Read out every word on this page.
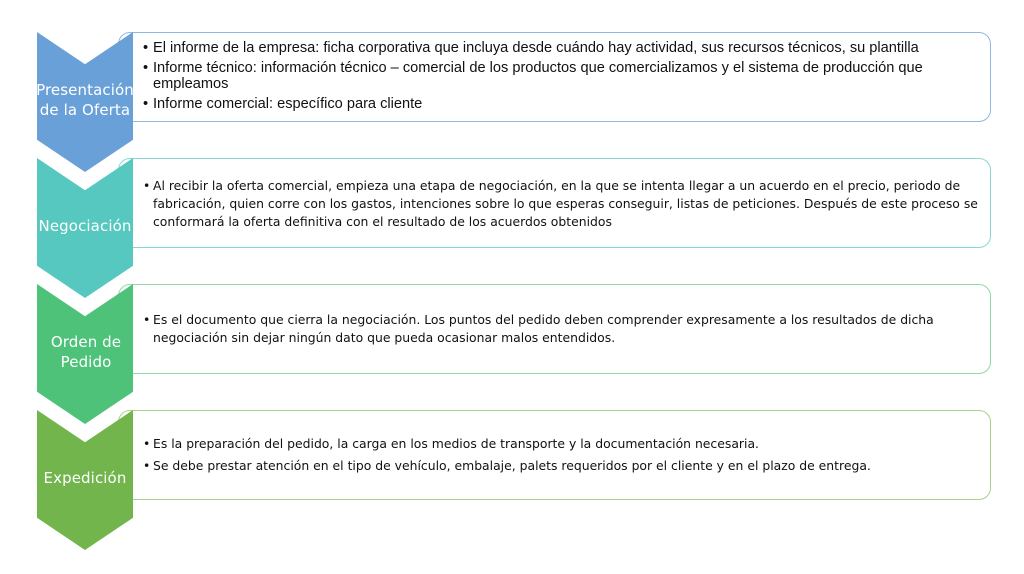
• El informe de la empresa: ficha corporativa que incluya desde cuándo hay actividad, sus recursos técnicos, su plantilla
• Informe técnico: información técnico – comercial de los productos que comercializamos y el sistema de producción que empleamos
• Informe comercial: específico para cliente
Presentación de la Oferta
• Al recibir la oferta comercial, empieza una etapa de negociación, en la que se intenta llegar a un acuerdo en el precio, periodo de fabricación, quien corre con los gastos, intenciones sobre lo que esperas conseguir, listas de peticiones. Después de este proceso se conformará la oferta definitiva con el resultado de los acuerdos obtenidos
Negociación
• Es el documento que cierra la negociación. Los puntos del pedido deben comprender expresamente a los resultados de dicha negociación sin dejar ningún dato que pueda ocasionar malos entendidos.
Orden de Pedido
• Es la preparación del pedido, la carga en los medios de transporte y la documentación necesaria.
• Se debe prestar atención en el tipo de vehículo, embalaje, palets requeridos por el cliente y en el plazo de entrega.
Expedición
